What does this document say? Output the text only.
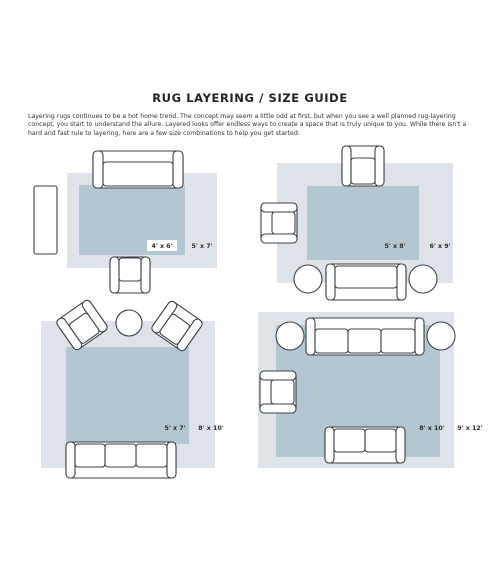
RUG LAYERING / SIZE GUIDE
Layering rugs continues to be a hot home trend. The concept may seem a little odd at first, but when you see a well planned rug-layering concept, you start to understand the allure. Layered looks offer endless ways to create a space that is truly unique to you. While there isn't a hard and fast rule to layering, here are a few size combinations to help you get started:
4' x 6'	5' x 7'	5' x 8'	6' x 9'
5' x 7' 8' x 10'	8' x 10' 9' x 12'
